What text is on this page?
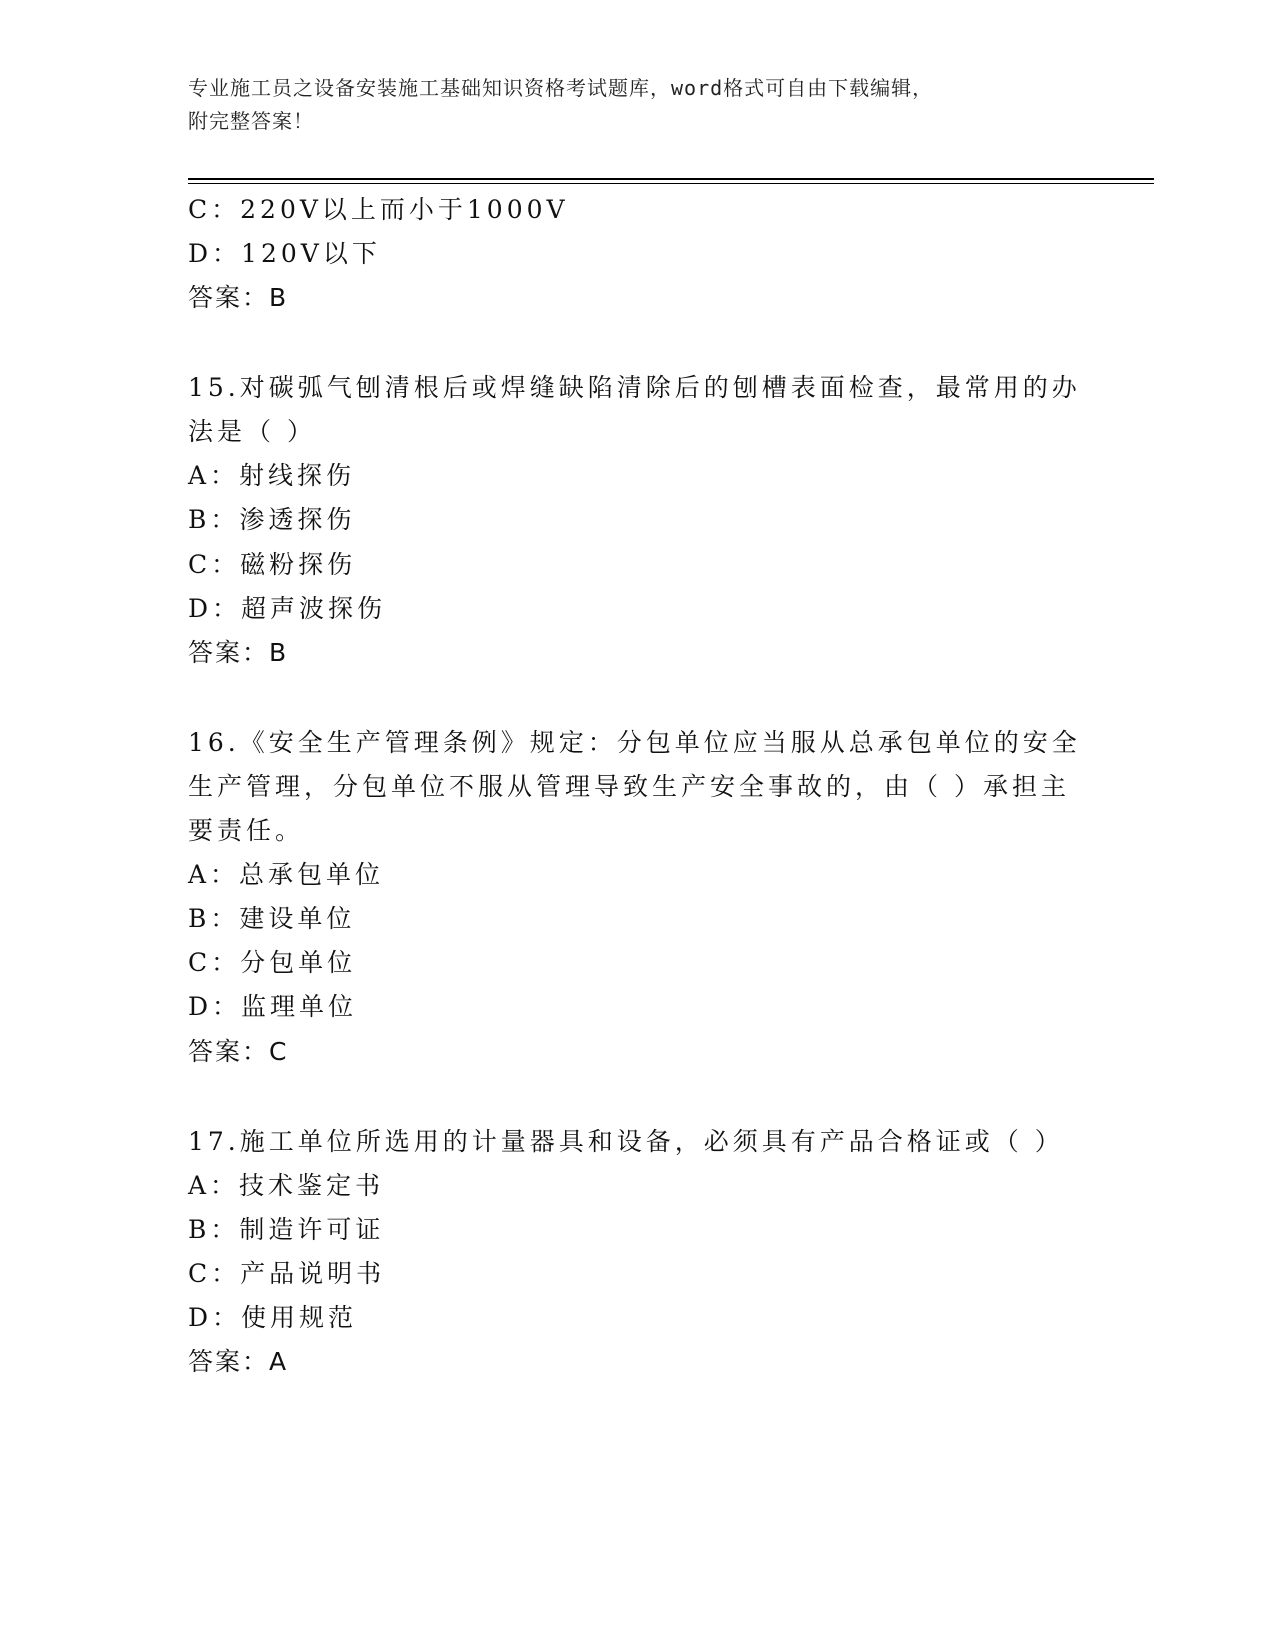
专业施工员之设备安装施工基础知识资格考试题库，word格式可自由下载编辑，
附完整答案！
C：220V以上而小于1000V
D：120V以下
答案：B
15.对碳弧气刨清根后或焊缝缺陷清除后的刨槽表面检查，最常用的办
法是（ ）
A：射线探伤
B：渗透探伤
C：磁粉探伤
D：超声波探伤
答案：B
16.《安全生产管理条例》规定：分包单位应当服从总承包单位的安全
生产管理，分包单位不服从管理导致生产安全事故的，由（ ）承担主
要责任。
A：总承包单位
B：建设单位
C：分包单位
D：监理单位
答案：C
17.施工单位所选用的计量器具和设备，必须具有产品合格证或（ ）
A：技术鉴定书
B：制造许可证
C：产品说明书
D：使用规范
答案：A
